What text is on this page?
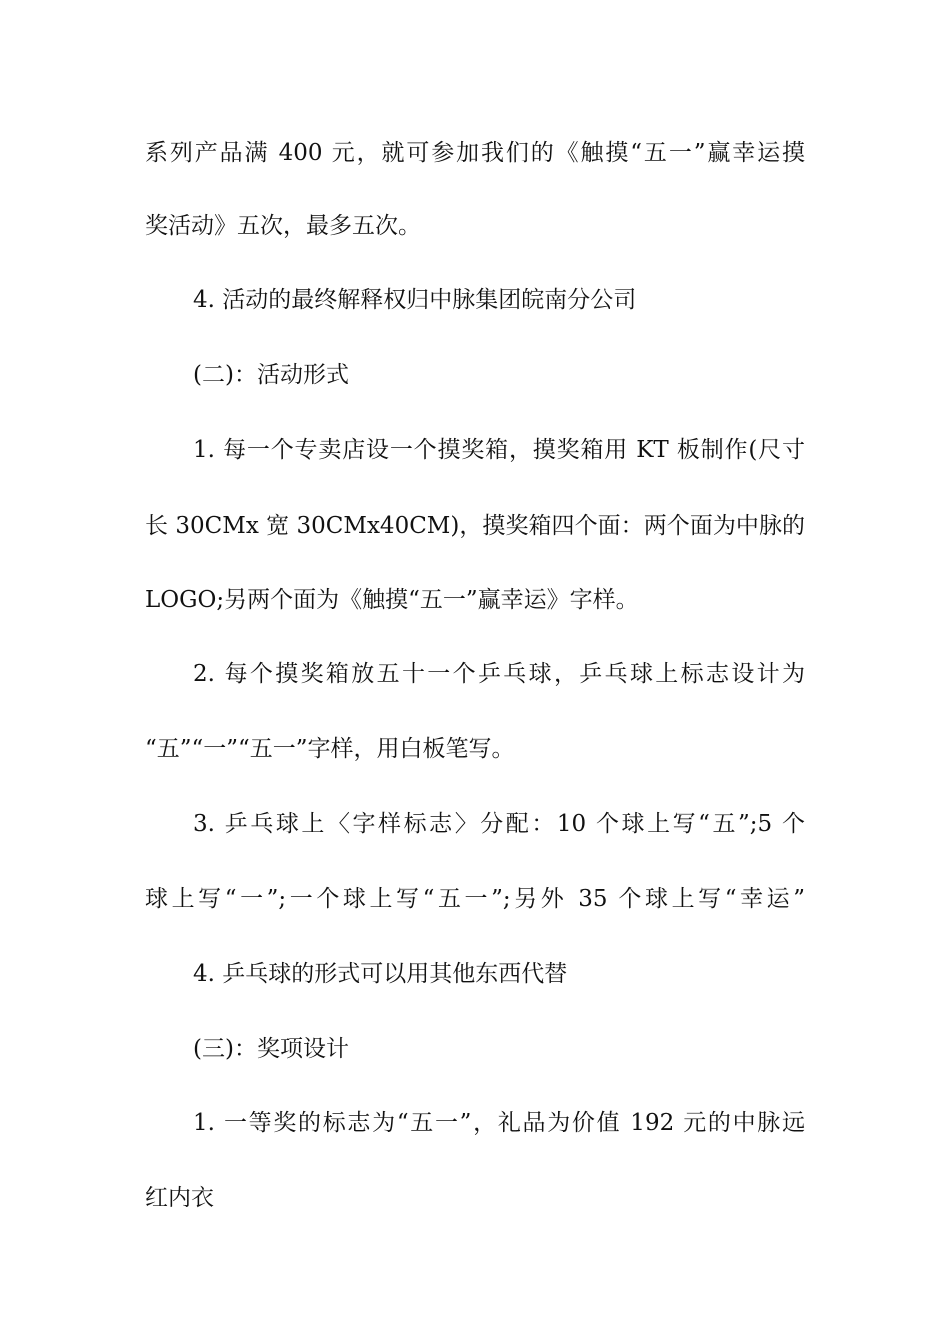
系列产品满 400 元，就可参加我们的《触摸“五一”赢幸运摸
奖活动》五次，最多五次。
4. 活动的最终解释权归中脉集团皖南分公司
(二)：活动形式
1. 每一个专卖店设一个摸奖箱，摸奖箱用 KT 板制作(尺寸
长 30CMx 宽 30CMx40CM)，摸奖箱四个面：两个面为中脉的
LOGO;另两个面为《触摸“五一”赢幸运》字样。
2. 每个摸奖箱放五十一个乒乓球，乒乓球上标志设计为
“五”“一”“五一”字样，用白板笔写。
3. 乒乓球上〈字样标志〉分配：10 个球上写“五”;5 个
球上写“一”;一个球上写“五一”;另外 35 个球上写“幸运”
4. 乒乓球的形式可以用其他东西代替
(三)：奖项设计
1. 一等奖的标志为“五一”，礼品为价值 192 元的中脉远
红内衣
